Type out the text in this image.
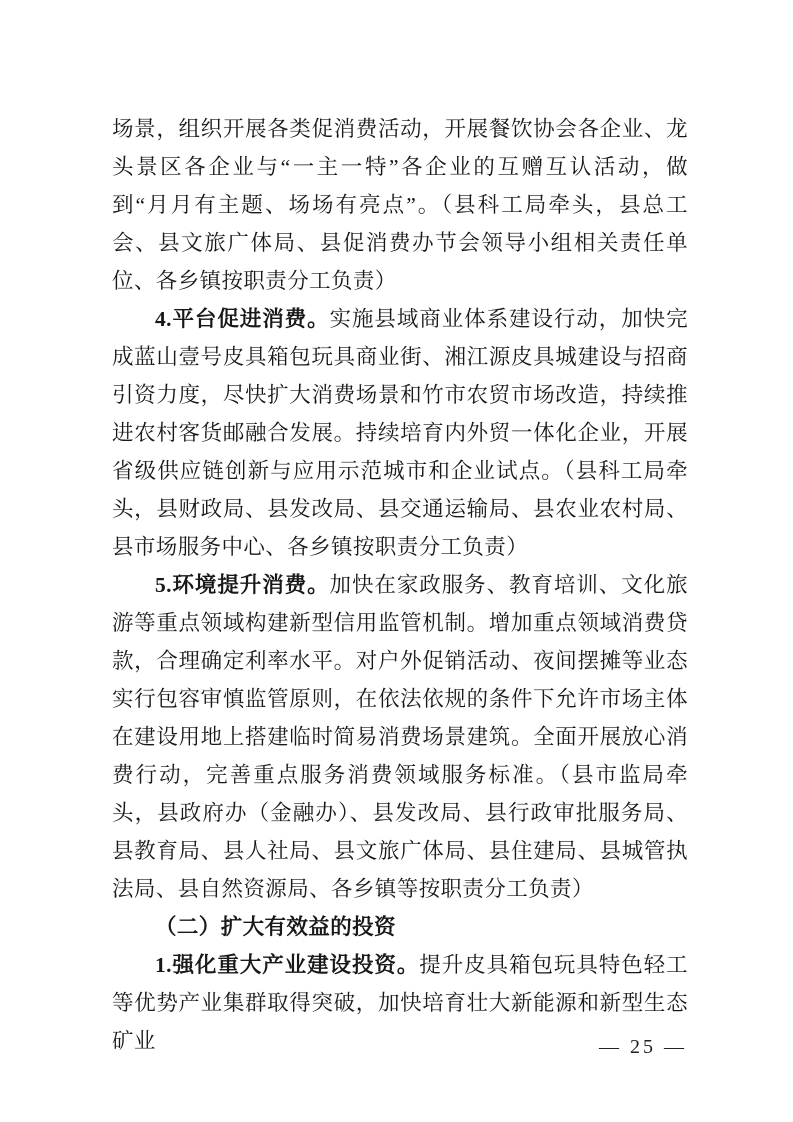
场景，组织开展各类促消费活动，开展餐饮协会各企业、龙头景区各企业与“一主一特”各企业的互赠互认活动，做到“月月有主题、场场有亮点”。（县科工局牵头，县总工会、县文旅广体局、县促消费办节会领导小组相关责任单位、各乡镇按职责分工负责）

4.平台促进消费。实施县域商业体系建设行动，加快完成蓝山壹号皮具箱包玩具商业街、湘江源皮具城建设与招商引资力度，尽快扩大消费场景和竹市农贸市场改造，持续推进农村客货邮融合发展。持续培育内外贸一体化企业，开展省级供应链创新与应用示范城市和企业试点。（县科工局牵头，县财政局、县发改局、县交通运输局、县农业农村局、县市场服务中心、各乡镇按职责分工负责）

5.环境提升消费。加快在家政服务、教育培训、文化旅游等重点领域构建新型信用监管机制。增加重点领域消费贷款，合理确定利率水平。对户外促销活动、夜间摆摊等业态实行包容审慎监管原则，在依法依规的条件下允许市场主体在建设用地上搭建临时简易消费场景建筑。全面开展放心消费行动，完善重点服务消费领域服务标准。（县市监局牵头，县政府办（金融办）、县发改局、县行政审批服务局、县教育局、县人社局、县文旅广体局、县住建局、县城管执法局、县自然资源局、各乡镇等按职责分工负责）

（二）扩大有效益的投资

1.强化重大产业建设投资。提升皮具箱包玩具特色轻工等优势产业集群取得突破，加快培育壮大新能源和新型生态矿业	— 25 —
